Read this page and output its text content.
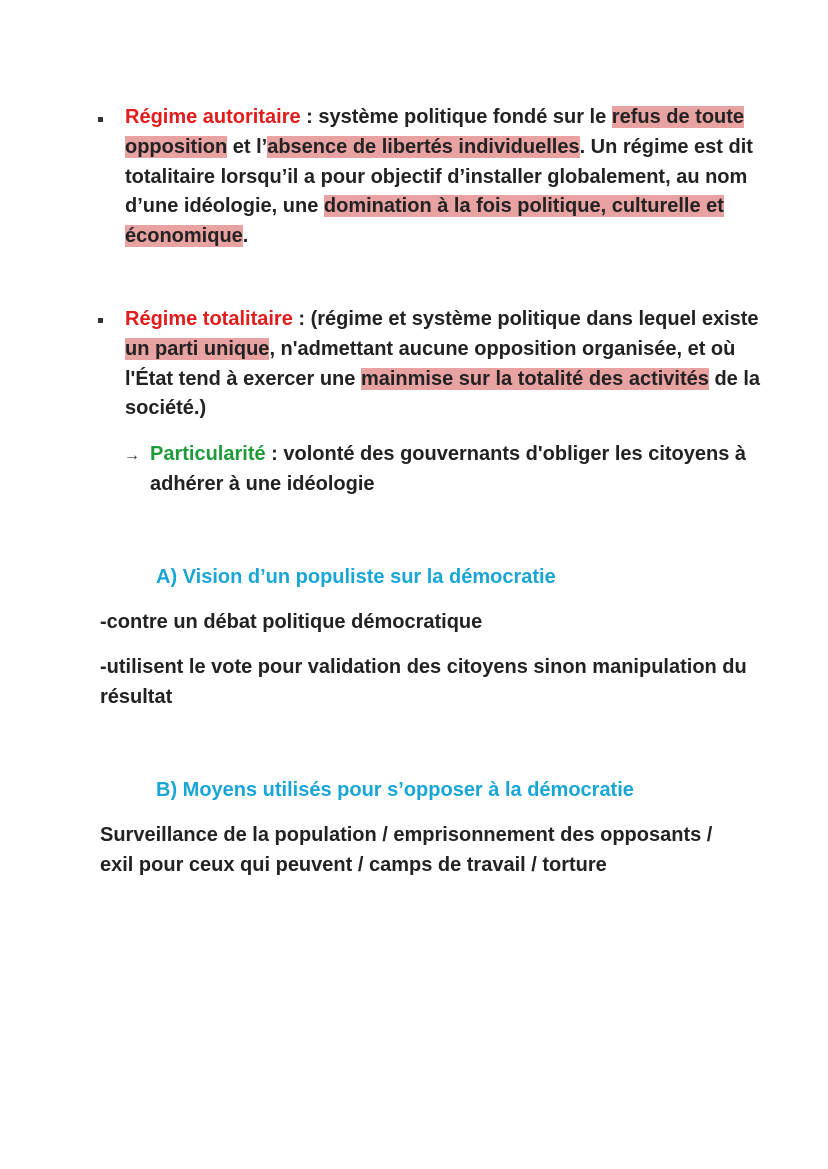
Régime autoritaire : système politique fondé sur le refus de toute opposition et l’absence de libertés individuelles. Un régime est dit totalitaire lorsqu’il a pour objectif d’installer globalement, au nom d’une idéologie, une domination à la fois politique, culturelle et économique.
Régime totalitaire : (régime et système politique dans lequel existe un parti unique, n'admettant aucune opposition organisée, et où l'État tend à exercer une mainmise sur la totalité des activités de la société.)
→ Particularité : volonté des gouvernants d'obliger les citoyens à adhérer à une idéologie
A) Vision d’un populiste sur la démocratie
-contre un débat politique démocratique
-utilisent le vote pour validation des citoyens sinon manipulation du résultat
B) Moyens utilisés pour s’opposer à la démocratie
Surveillance de la population / emprisonnement des opposants / exil pour ceux qui peuvent / camps de travail / torture
